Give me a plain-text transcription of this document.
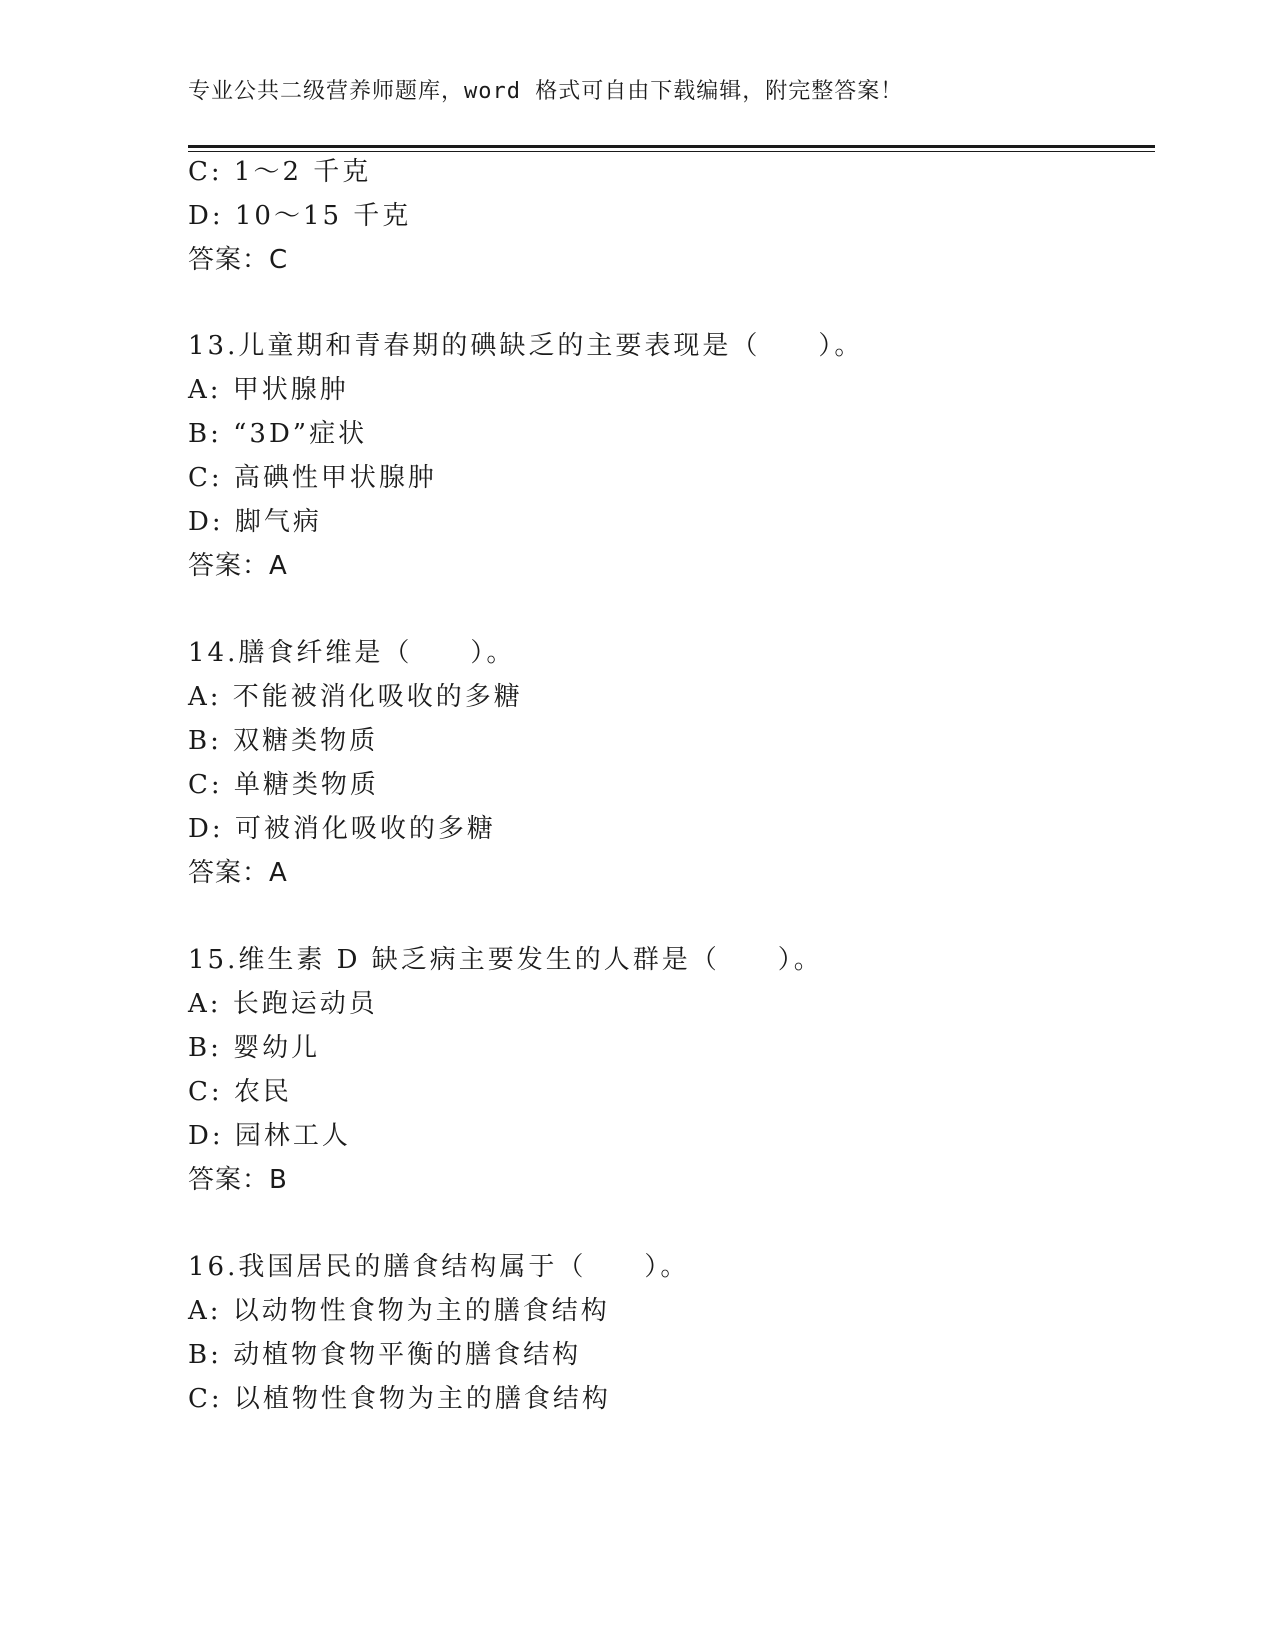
专业公共二级营养师题库，word 格式可自由下载编辑，附完整答案！
C: 1～2 千克
D: 10～15 千克
答案：C
13.儿童期和青春期的碘缺乏的主要表现是（　　）。
A: 甲状腺肿
B: “3D”症状
C: 高碘性甲状腺肿
D: 脚气病
答案：A
14.膳食纤维是（　　）。
A: 不能被消化吸收的多糖
B: 双糖类物质
C: 单糖类物质
D: 可被消化吸收的多糖
答案：A
15.维生素 D 缺乏病主要发生的人群是（　　）。
A: 长跑运动员
B: 婴幼儿
C: 农民
D: 园林工人
答案：B
16.我国居民的膳食结构属于（　　）。
A: 以动物性食物为主的膳食结构
B: 动植物食物平衡的膳食结构
C: 以植物性食物为主的膳食结构
